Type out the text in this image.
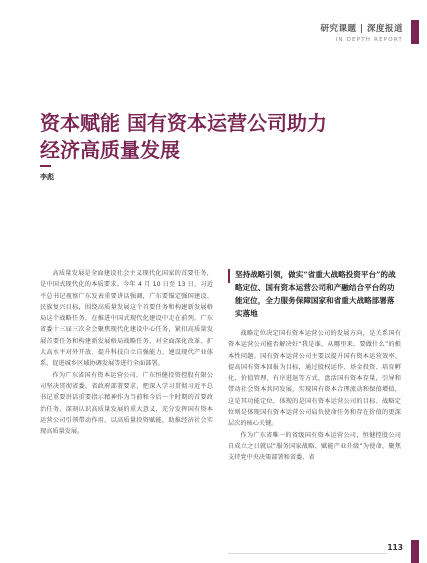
研究课题 | 深度报道
IN DEPTH REPORT
资本赋能 国有资本运营公司助力
经济高质量发展
李彪

高质量发展是全面建设社会主义现代化国家的首要任务，是中国式现代化的本质要求。今年 4 月 10 日至 13 日，习近平总书记视察广东发表重要讲话强调，广东要锚定强国建设、民族复兴目标，围绕高质量发展这个首要任务和构建新发展格局这个战略任务，在推进中国式现代化建设中走在前列。广东省委十三届三次全会聚焦现代化建设中心任务，紧扣高质量发展首要任务和构建新发展格局战略任务，对全面深化改革、扩大高水平对外开放、提升科技自立自强能力、建设现代产业体系、促进城乡区域协调发展等进行全面部署。

作为广东省国有资本运营公司，广东恒健投资控股有限公司坚决贯彻省委、省政府部署要求，把深入学习贯彻习近平总书记重要讲话重要指示精神作为当前和今后一个时期的首要政治任务，深刻认识高质量发展的重大意义，充分发挥国有资本运营公司引领带动作用，以高质量投资赋能，助推经济社会实现高质量发展。

坚持战略引领，做实“省重大战略投资平台”的战略定位、国有资本运营公司和产融结合平台的功能定位，全力服务保障国家和省重大战略部署落实落地

战略定位决定国有资本运营公司的发展方向，是关系国有资本运营公司能否解决好“我是谁，从哪里来，要做什么”的根本性问题。国有资本运营公司主要以提升国有资本运营效率、提高国有资本回报为目标，通过股权运作、基金投资、培育孵化、价值管理、有序进退等方式，盘活国有资本存量，引导和带动社会资本共同发展，实现国有资本合理流动和保值增值，这是其功能定位，体现的是国有资本运营公司的目标、战略定位则是体现国有资本运营公司肩负使命任务和存在价值的更深层次的核心关键。

作为广东省唯一的省级国有资本运营公司，恒健控股公司自成立之日就以“服务国家战略、赋能产业升级”为使命，聚焦支持党中央决策部署和省委、省

113
